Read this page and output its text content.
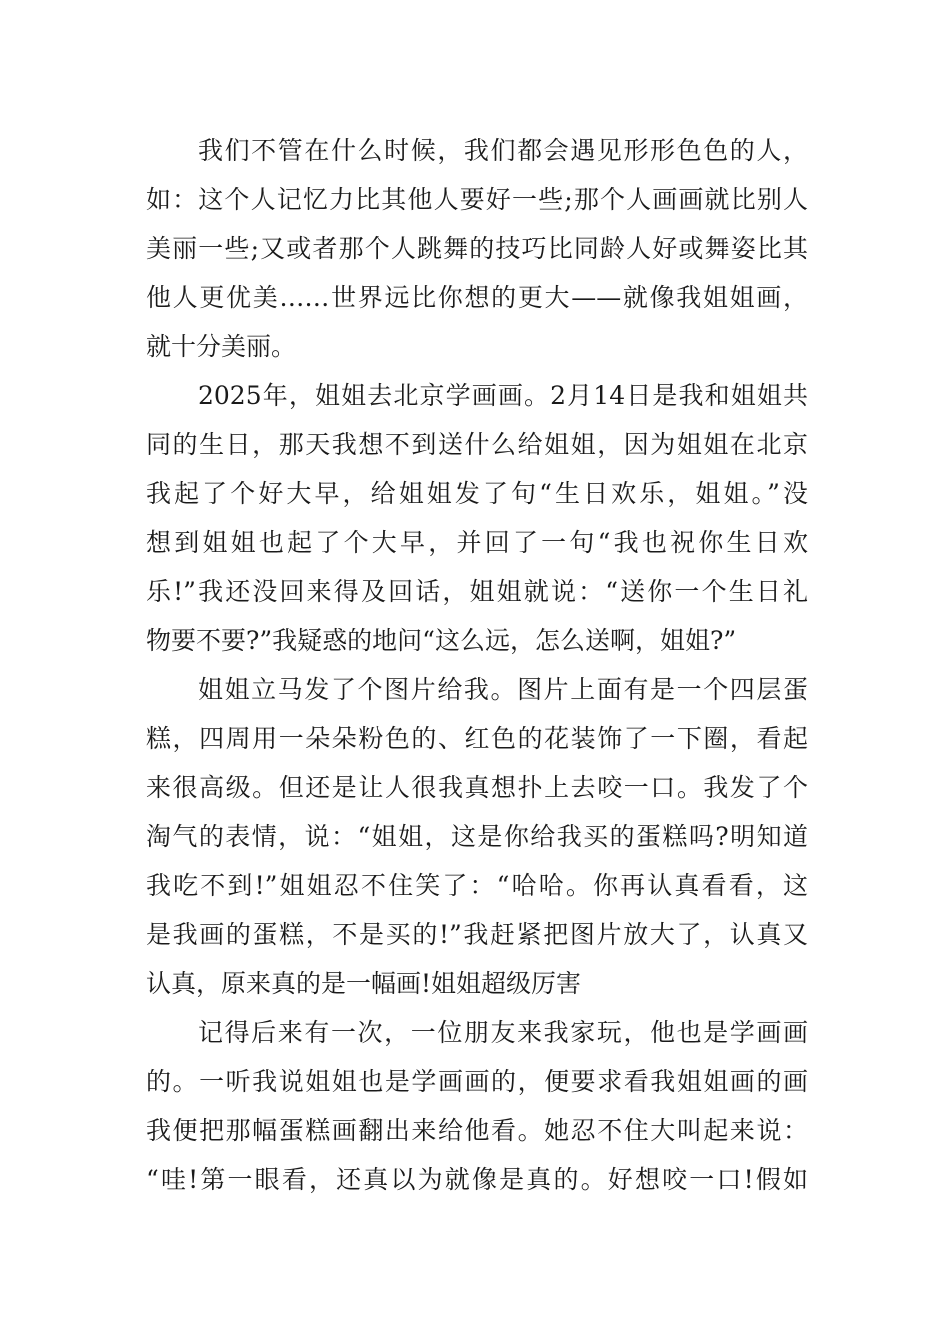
我们不管在什么时候，我们都会遇见形形色色的人，
如：这个人记忆力比其他人要好一些;那个人画画就比别人
美丽一些;又或者那个人跳舞的技巧比同龄人好或舞姿比其
他人更优美……世界远比你想的更大——就像我姐姐画，
就十分美丽。

2025年，姐姐去北京学画画。2月14日是我和姐姐共
同的生日，那天我想不到送什么给姐姐，因为姐姐在北京
我起了个好大早，给姐姐发了句“生日欢乐，姐姐。”没
想到姐姐也起了个大早，并回了一句“我也祝你生日欢
乐!”我还没回来得及回话，姐姐就说：“送你一个生日礼
物要不要?”我疑惑的地问“这么远，怎么送啊，姐姐?”

姐姐立马发了个图片给我。图片上面有是一个四层蛋
糕，四周用一朵朵粉色的、红色的花装饰了一下圈，看起
来很高级。但还是让人很我真想扑上去咬一口。我发了个
淘气的表情，说：“姐姐，这是你给我买的蛋糕吗?明知道
我吃不到!”姐姐忍不住笑了：“哈哈。你再认真看看，这
是我画的蛋糕，不是买的!”我赶紧把图片放大了，认真又
认真，原来真的是一幅画!姐姐超级厉害

记得后来有一次，一位朋友来我家玩，他也是学画画
的。一听我说姐姐也是学画画的，便要求看我姐姐画的画
我便把那幅蛋糕画翻出来给他看。她忍不住大叫起来说：
“哇!第一眼看，还真以为就像是真的。好想咬一口!假如
